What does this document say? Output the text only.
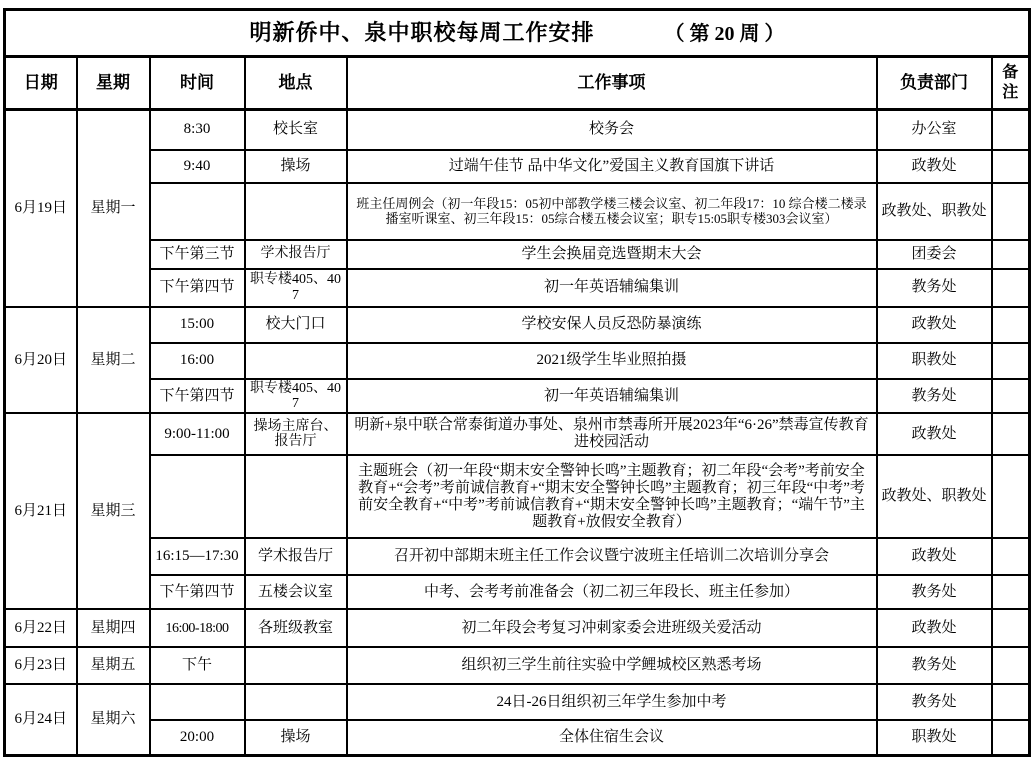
明新侨中、泉中职校每周工作安排 （ 第 20 周 ）						
日期	星期	时间	地点	工作事项	负责部门	备注
6月19日	星期一	8:30	校长室	校务会	办公室	
		9:40	操场	过端午佳节 品中华文化”爱国主义教育国旗下讲话	政教处	
				班主任周例会（初一年段15：05初中部教学楼三楼会议室、初二年段17：10 综合楼二楼录播室听课室、初三年段15：05综合楼五楼会议室；职专15:05职专楼303会议室）	政教处、职教处	
		下午第三节	学术报告厅	学生会换届竞选暨期末大会	团委会	
		下午第四节	职专楼405、407	初一年英语辅编集训	教务处	
6月20日	星期二	15:00	校大门口	学校安保人员反恐防暴演练	政教处	
		16:00		2021级学生毕业照拍摄	职教处	
		下午第四节	职专楼405、407	初一年英语辅编集训	教务处	
6月21日	星期三	9:00-11:00	操场主席台、报告厅	明新+泉中联合常泰街道办事处、泉州市禁毒所开展2023年“6·26”禁毒宣传教育进校园活动	政教处	
				主题班会（初一年段“期末安全警钟长鸣”主题教育；初二年段“会考”考前安全教育+“会考”考前诚信教育+“期末安全警钟长鸣”主题教育；初三年段“中考”考前安全教育+“中考”考前诚信教育+“期末安全警钟长鸣”主题教育；“端午节”主题教育+放假安全教育）	政教处、职教处	
		16:15—17:30	学术报告厅	召开初中部期末班主任工作会议暨宁波班主任培训二次培训分享会	政教处	
		下午第四节	五楼会议室	中考、会考考前准备会（初二初三年段长、班主任参加）	教务处	
6月22日	星期四	16:00-18:00	各班级教室	初二年段会考复习冲刺家委会进班级关爱活动	政教处	
6月23日	星期五	下午		组织初三学生前往实验中学鲤城校区熟悉考场	教务处	
6月24日	星期六			24日-26日组织初三年学生参加中考	教务处	
		20:00	操场	全体住宿生会议	职教处	
